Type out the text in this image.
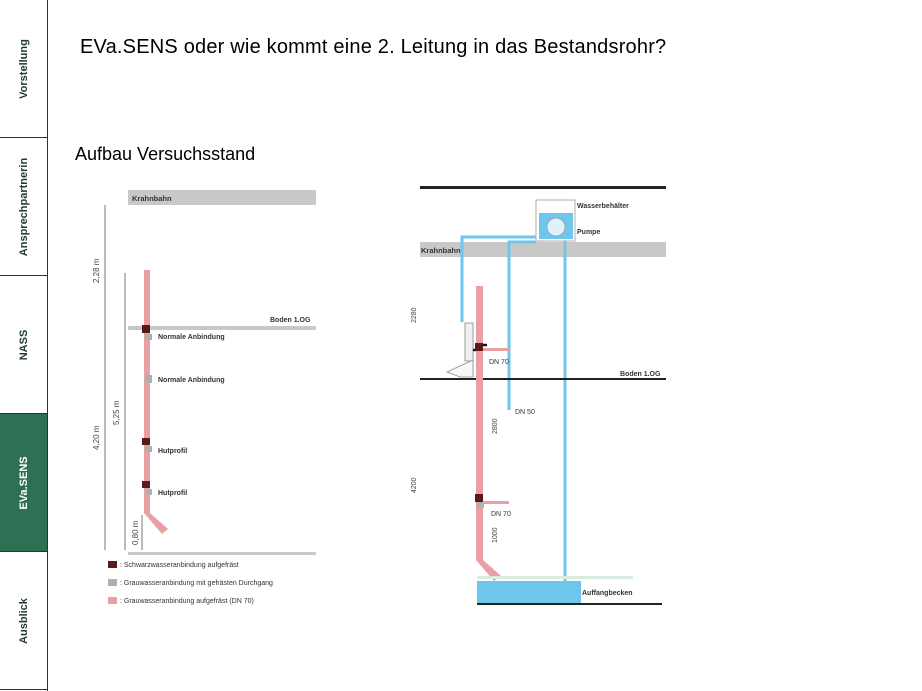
Vorstellung
Ansprechpartnerin
NASS
EVa.SENS
Ausblick
EVa.SENS oder wie kommt eine 2. Leitung in das Bestandsrohr?
Aufbau Versuchsstand
Krahnbahn
2,28 m
4,20 m
5,25 m
0,80 m
Boden 1.OG
Normale Anbindung
Normale Anbindung
Hutprofil
Hutprofil
: Schwarzwasseranbindung aufgefräst
: Grauwasseranbindung mit gefrästen Durchgang
: Grauwasseranbindung aufgefräst (DN 70)
Wasserbehälter
Pumpe
Krahnbahn
Boden 1.OG
2280
2800
4200
1000
DN 70
DN 50
DN 70
Auffangbecken
